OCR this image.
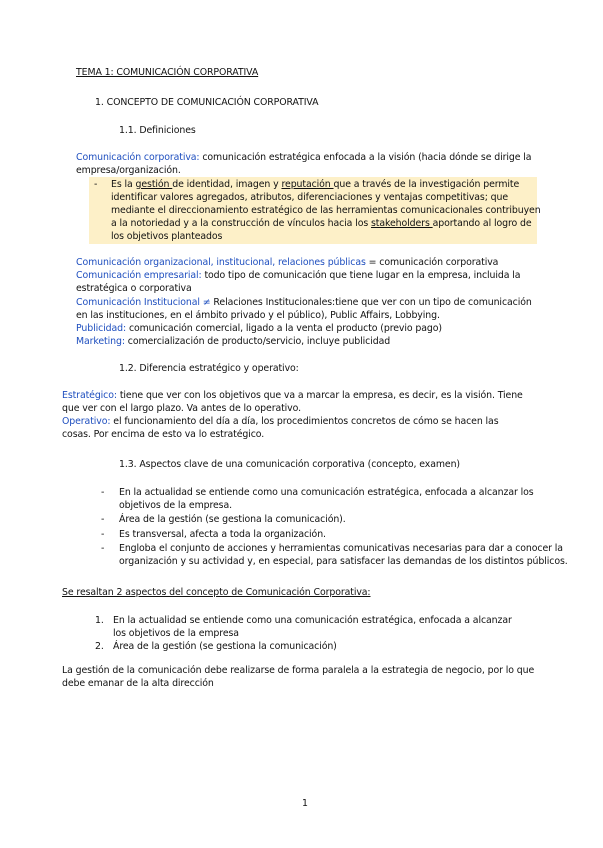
TEMA 1: COMUNICACIÓN CORPORATIVA
1. CONCEPTO DE COMUNICACIÓN CORPORATIVA
1.1. Definiciones
Comunicación corporativa: comunicación estratégica enfocada a la visión (hacia dónde se dirige la
empresa/organización.
- Es la gestión de identidad, imagen y reputación que a través de la investigación permite
identificar valores agregados, atributos, diferenciaciones y ventajas competitivas; que
mediante el direccionamiento estratégico de las herramientas comunicacionales contribuyen
a la notoriedad y a la construcción de vínculos hacia los stakeholders aportando al logro de
los objetivos planteados
Comunicación organizacional, institucional, relaciones públicas = comunicación corporativa
Comunicación empresarial: todo tipo de comunicación que tiene lugar en la empresa, incluida la
estratégica o corporativa
Comunicación Institucional ≠ Relaciones Institucionales:tiene que ver con un tipo de comunicación
en las instituciones, en el ámbito privado y el público), Public Affairs, Lobbying.
Publicidad: comunicación comercial, ligado a la venta el producto (previo pago)
Marketing: comercialización de producto/servicio, incluye publicidad
1.2. Diferencia estratégico y operativo:
Estratégico: tiene que ver con los objetivos que va a marcar la empresa, es decir, es la visión. Tiene
que ver con el largo plazo. Va antes de lo operativo.
Operativo: el funcionamiento del día a día, los procedimientos concretos de cómo se hacen las
cosas. Por encima de esto va lo estratégico.
1.3. Aspectos clave de una comunicación corporativa (concepto, examen)
- En la actualidad se entiende como una comunicación estratégica, enfocada a alcanzar los
objetivos de la empresa.
- Área de la gestión (se gestiona la comunicación).
- Es transversal, afecta a toda la organización.
- Engloba el conjunto de acciones y herramientas comunicativas necesarias para dar a conocer la
organización y su actividad y, en especial, para satisfacer las demandas de los distintos públicos.
Se resaltan 2 aspectos del concepto de Comunicación Corporativa:
1. En la actualidad se entiende como una comunicación estratégica, enfocada a alcanzar
los objetivos de la empresa
2. Área de la gestión (se gestiona la comunicación)
La gestión de la comunicación debe realizarse de forma paralela a la estrategia de negocio, por lo que
debe emanar de la alta dirección
1
